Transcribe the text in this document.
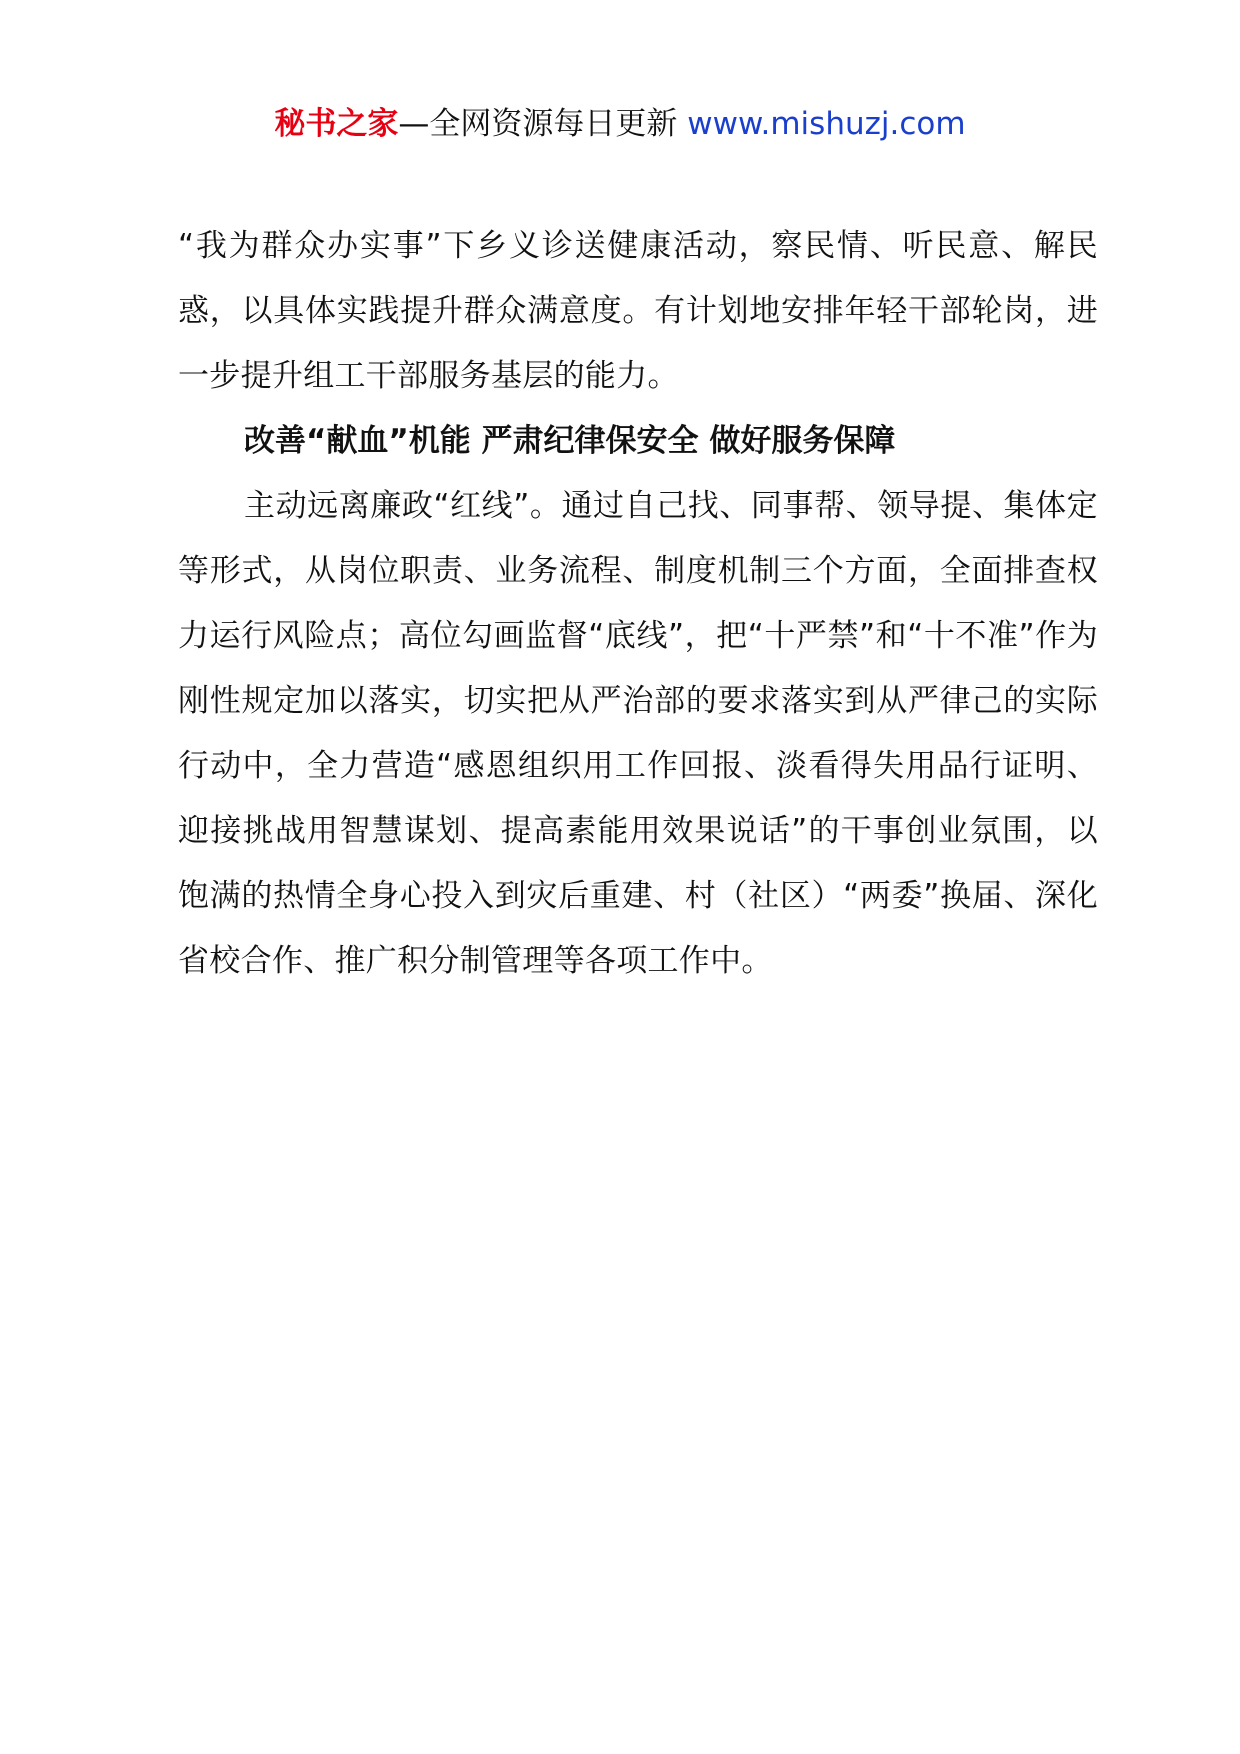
秘书之家—全网资源每日更新 www.mishuzj.com

“我为群众办实事”下乡义诊送健康活动，察民情、听民意、解民惑，以具体实践提升群众满意度。有计划地安排年轻干部轮岗，进一步提升组工干部服务基层的能力。

改善“献血”机能 严肃纪律保安全 做好服务保障

主动远离廉政“红线”。通过自己找、同事帮、领导提、集体定等形式，从岗位职责、业务流程、制度机制三个方面，全面排查权力运行风险点；高位勾画监督“底线”，把“十严禁”和“十不准”作为刚性规定加以落实，切实把从严治部的要求落实到从严律己的实际行动中，全力营造“感恩组织用工作回报、淡看得失用品行证明、迎接挑战用智慧谋划、提高素能用效果说话”的干事创业氛围，以饱满的热情全身心投入到灾后重建、村（社区）“两委”换届、深化省校合作、推广积分制管理等各项工作中。
